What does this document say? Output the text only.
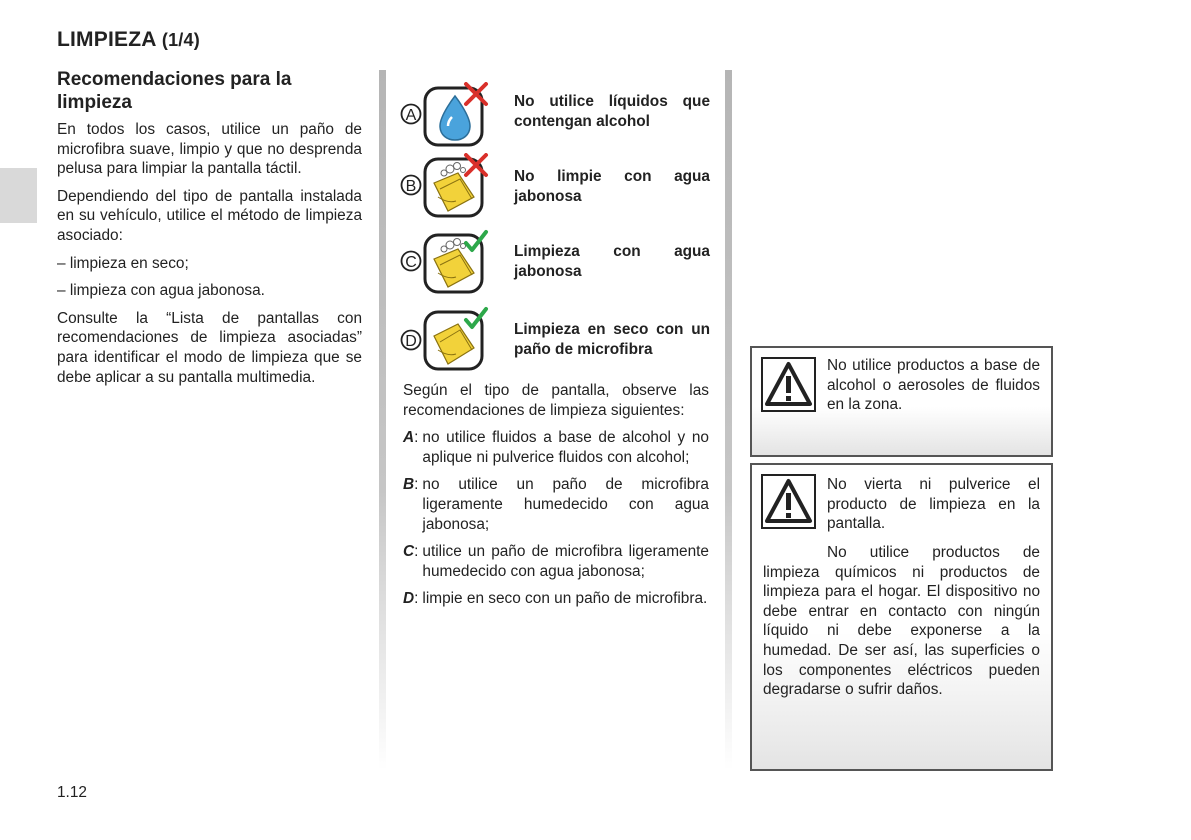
LIMPIEZA (1/4)
Recomendaciones para la limpieza

En todos los casos, utilice un paño de microfibra suave, limpio y que no desprenda pelusa para limpiar la pantalla táctil.

Dependiendo del tipo de pantalla instalada en su vehículo, utilice el método de limpieza asociado:

– limpieza en seco;

– limpieza con agua jabonosa.

Consulte la “Lista de pantallas con recomendaciones de limpieza asociadas” para identificar el modo de limpieza que se debe aplicar a su pantalla multimedia.

A
No utilice líquidos que contengan alcohol
B
No limpie con agua jabonosa
C
Limpieza con agua jabonosa
D
Limpieza en seco con un paño de microfibra

Según el tipo de pantalla, observe las recomendaciones de limpieza siguientes:

A : no utilice fluidos a base de alcohol y no aplique ni pulverice fluidos con alcohol;
B : no utilice un paño de microfibra ligeramente humedecido con agua jabonosa;
C : utilice un paño de microfibra ligeramente humedecido con agua jabonosa;
D : limpie en seco con un paño de microfibra.
No utilice productos a base de alcohol o aerosoles de fluidos en la zona.
No vierta ni pulverice el producto de limpieza en la pantalla.
No utilice productos de limpieza químicos ni productos de limpieza para el hogar. El dispositivo no debe entrar en contacto con ningún líquido ni debe exponerse a la humedad. De ser así, las superficies o los componentes eléctricos pueden degradarse o sufrir daños.
1.12
